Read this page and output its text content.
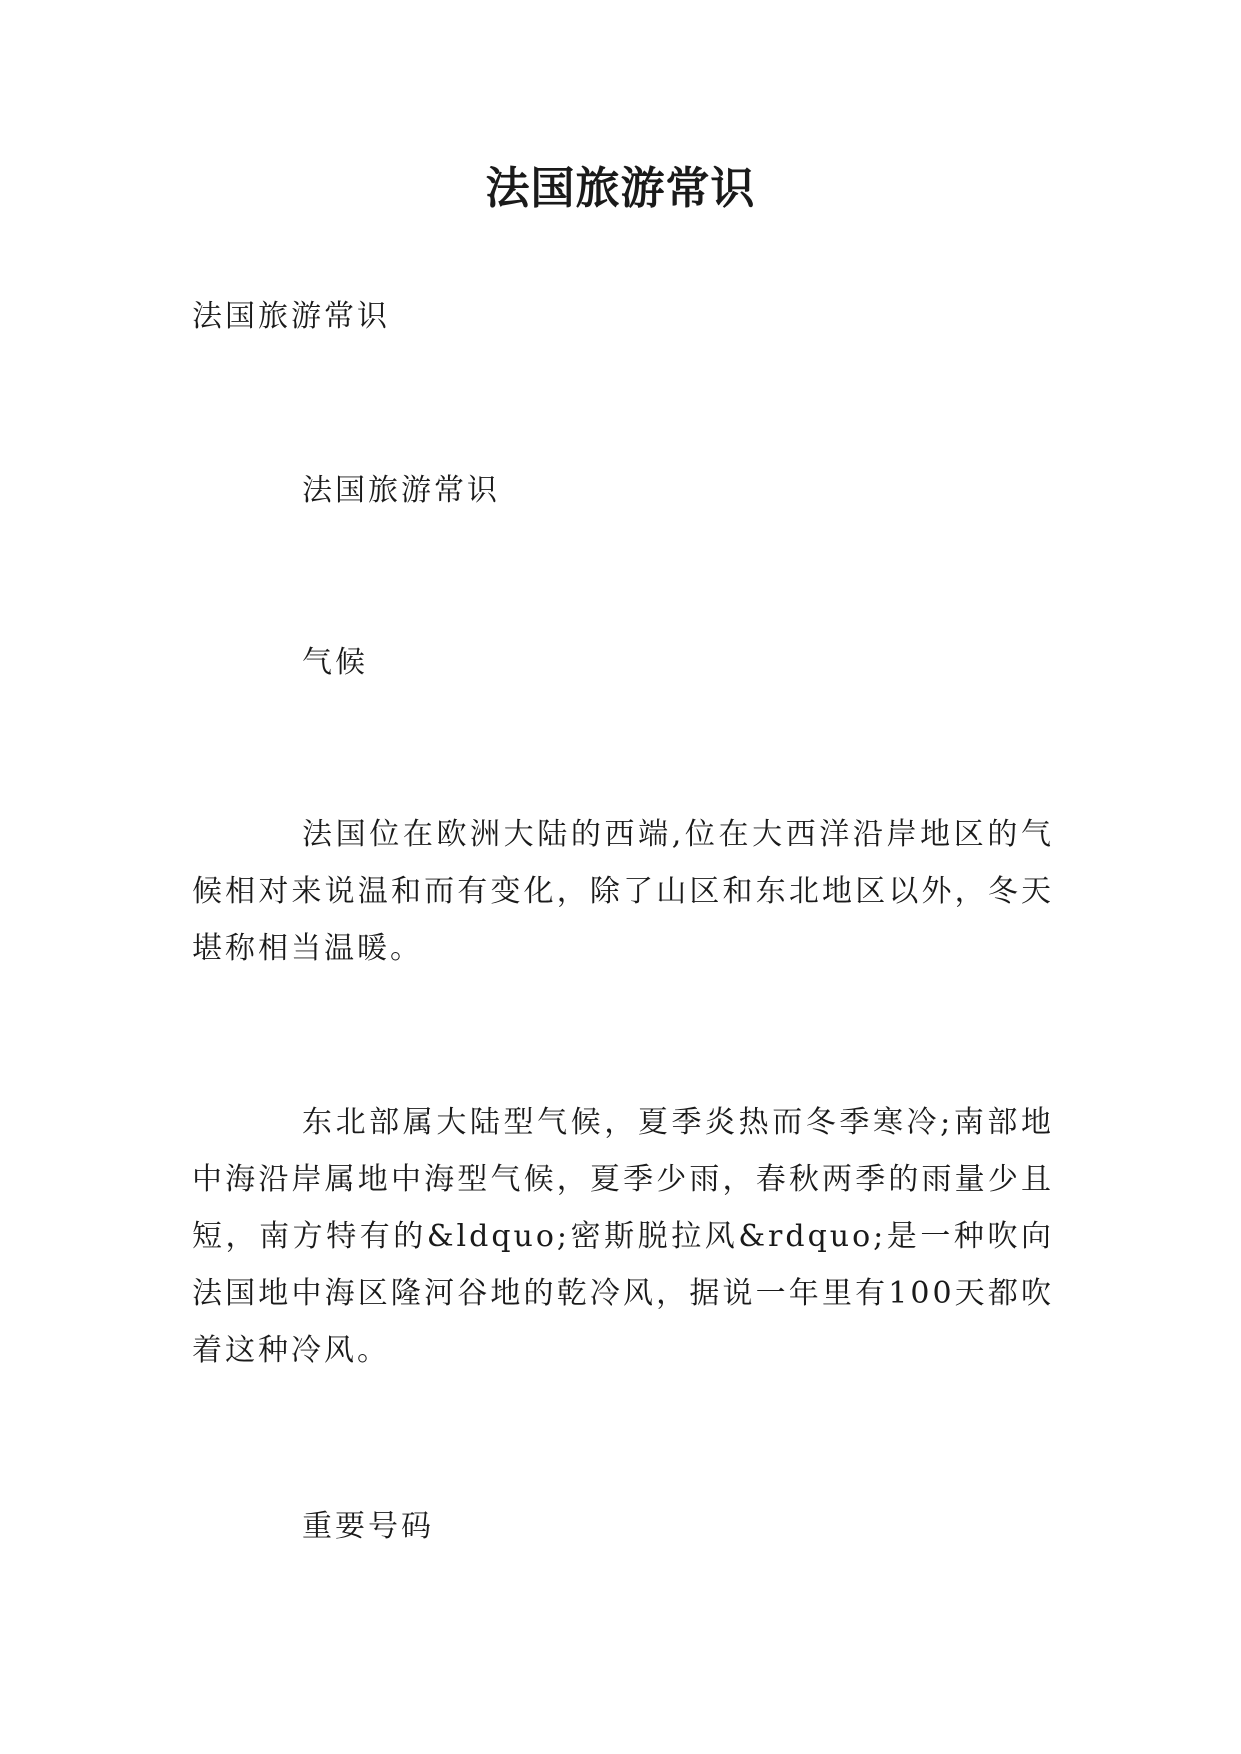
法国旅游常识

法国旅游常识

法国旅游常识

气候

法国位在欧洲大陆的西端,位在大西洋沿岸地区的气候相对来说温和而有变化，除了山区和东北地区以外，冬天堪称相当温暖。

东北部属大陆型气候，夏季炎热而冬季寒冷;南部地中海沿岸属地中海型气候，夏季少雨，春秋两季的雨量少且短，南方特有的&ldquo;密斯脱拉风&rdquo;是一种吹向法国地中海区隆河谷地的乾冷风，据说一年里有100天都吹着这种冷风。

重要号码
